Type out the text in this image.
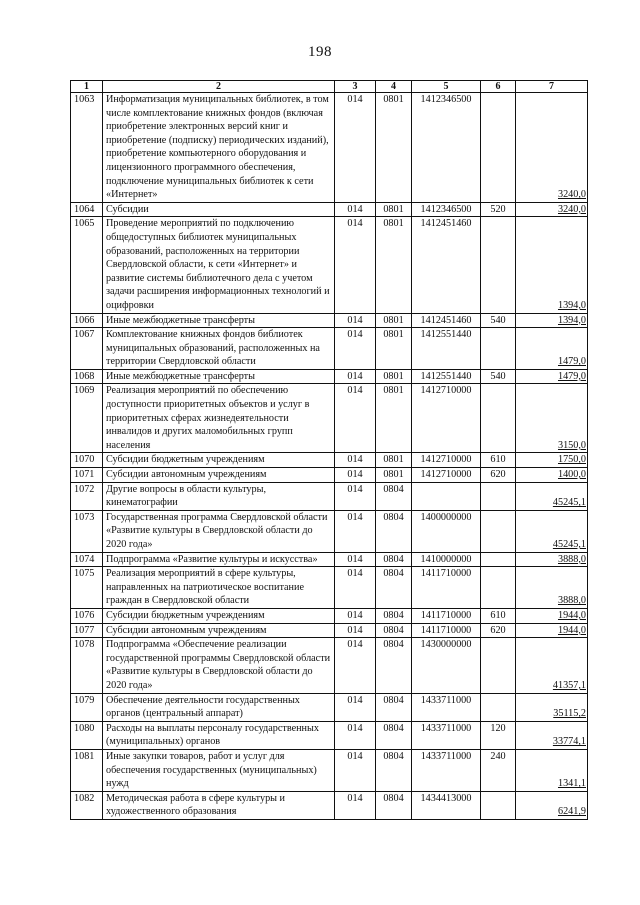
198
1	2	3	4	5	6	7
1063	Информатизация муниципальных библиотек, в том числе комплектование книжных фондов (включая приобретение электронных версий книг и приобретение (подписку) периодических изданий), приобретение компьютерного оборудования и лицензионного программного обеспечения, подключение муниципальных библиотек к сети «Интернет»	014	0801	1412346500		3240,0
1064	Субсидии	014	0801	1412346500	520	3240,0
1065	Проведение мероприятий по подключению общедоступных библиотек муниципальных образований, расположенных на территории Свердловской области, к сети «Интернет» и развитие системы библиотечного дела с учетом задачи расширения информационных технологий и оцифровки	014	0801	1412451460		1394,0
1066	Иные межбюджетные трансферты	014	0801	1412451460	540	1394,0
1067	Комплектование книжных фондов библиотек муниципальных образований, расположенных на территории Свердловской области	014	0801	1412551440		1479,0
1068	Иные межбюджетные трансферты	014	0801	1412551440	540	1479,0
1069	Реализация мероприятий по обеспечению доступности приоритетных объектов и услуг в приоритетных сферах жизнедеятельности инвалидов и других маломобильных групп населения	014	0801	1412710000		3150,0
1070	Субсидии бюджетным учреждениям	014	0801	1412710000	610	1750,0
1071	Субсидии автономным учреждениям	014	0801	1412710000	620	1400,0
1072	Другие вопросы в области культуры, кинематографии	014	0804			45245,1
1073	Государственная программа Свердловской области «Развитие культуры в Свердловской области до 2020 года»	014	0804	1400000000		45245,1
1074	Подпрограмма «Развитие культуры и искусства»	014	0804	1410000000		3888,0
1075	Реализация мероприятий в сфере культуры, направленных на патриотическое воспитание граждан в Свердловской области	014	0804	1411710000		3888,0
1076	Субсидии бюджетным учреждениям	014	0804	1411710000	610	1944,0
1077	Субсидии автономным учреждениям	014	0804	1411710000	620	1944,0
1078	Подпрограмма «Обеспечение реализации государственной программы Свердловской области «Развитие культуры в Свердловской области до 2020 года»	014	0804	1430000000		41357,1
1079	Обеспечение деятельности государственных органов (центральный аппарат)	014	0804	1433711000		35115,2
1080	Расходы на выплаты персоналу государственных (муниципальных) органов	014	0804	1433711000	120	33774,1
1081	Иные закупки товаров, работ и услуг для обеспечения государственных (муниципальных) нужд	014	0804	1433711000	240	1341,1
1082	Методическая работа в сфере культуры и художественного образования	014	0804	1434413000		6241,9
